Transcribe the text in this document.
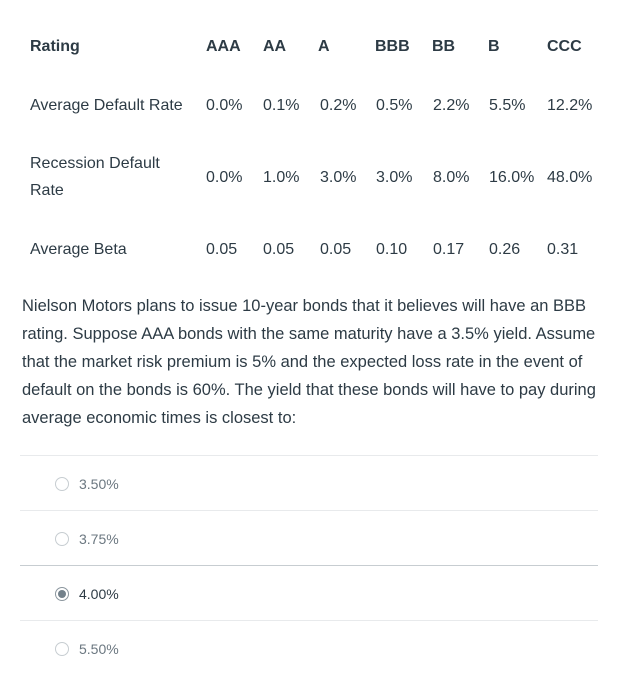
Rating	AAA AA A	BBB BB B	CCC
Average Default Rate 0.0% 0.1% 0.2% 0.5% 2.2% 5.5% 12.2%
Recession Default Rate
0.0% 1.0% 3.0% 3.0% 8.0% 16.0% 48.0%
Average Beta	0.05 0.05 0.05 0.10 0.17 0.26 0.31
Nielson Motors plans to issue 10-year bonds that it believes will have an BBB rating. Suppose AAA bonds with the same maturity have a 3.5% yield. Assume that the market risk premium is 5% and the expected loss rate in the event of default on the bonds is 60%. The yield that these bonds will have to pay during average economic times is closest to:
3.50%
3.75%
4.00%
5.50%
